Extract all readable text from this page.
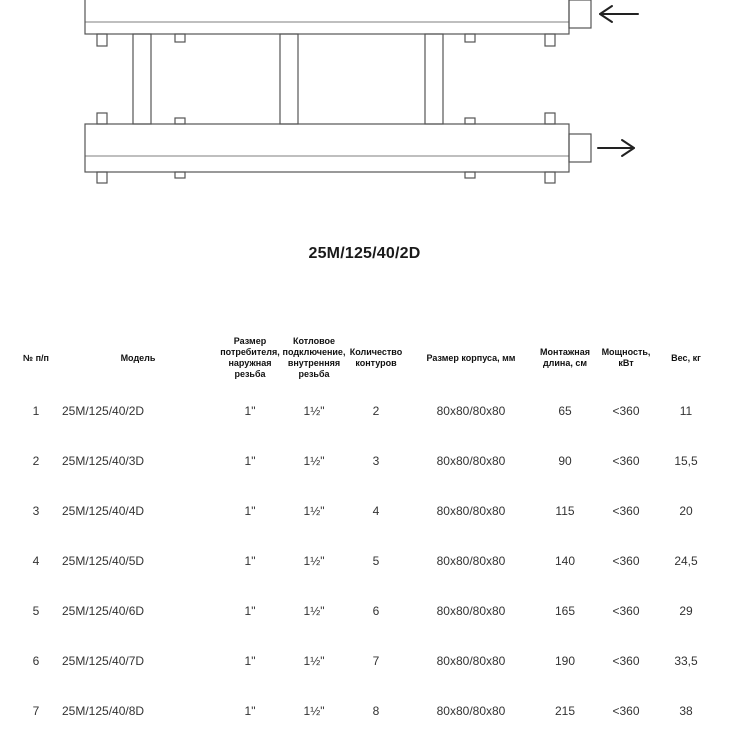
25M/125/40/2D
№ п/п	Модель	Размер потребителя, наружная резьба	Котловое подключение, внутренняя резьба	Количество контуров	Размер корпуса, мм	Монтажная длина, см	Мощность, кВт	Вес, кг
1	25M/125/40/2D	1"	1½"	2	80x80/80x80	65	<360	11
2	25M/125/40/3D	1"	1½"	3	80x80/80x80	90	<360	15,5
3	25M/125/40/4D	1"	1½"	4	80x80/80x80	115	<360	20
4	25M/125/40/5D	1"	1½"	5	80x80/80x80	140	<360	24,5
5	25M/125/40/6D	1"	1½"	6	80x80/80x80	165	<360	29
6	25M/125/40/7D	1"	1½"	7	80x80/80x80	190	<360	33,5
7	25M/125/40/8D	1"	1½"	8	80x80/80x80	215	<360	38
